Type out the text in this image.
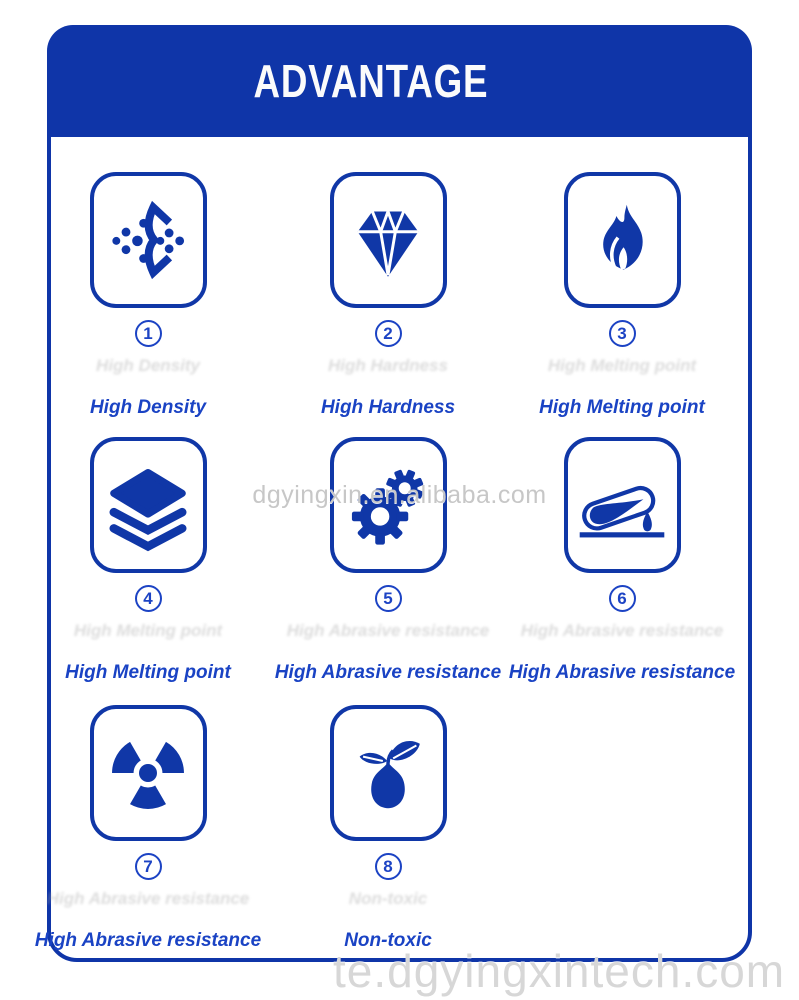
ADVANTAGE
dgyingxin.en.alibaba.com
te.dgyingxintech.com
1
High Density
High Density
2
High Hardness
High Hardness
3
High Melting point
High Melting point
4
High Melting point
High Melting point
5
High Abrasive resistance
High Abrasive resistance
6
High Abrasive resistance
High Abrasive resistance
7
High Abrasive resistance
High Abrasive resistance
8
Non-toxic
Non-toxic
